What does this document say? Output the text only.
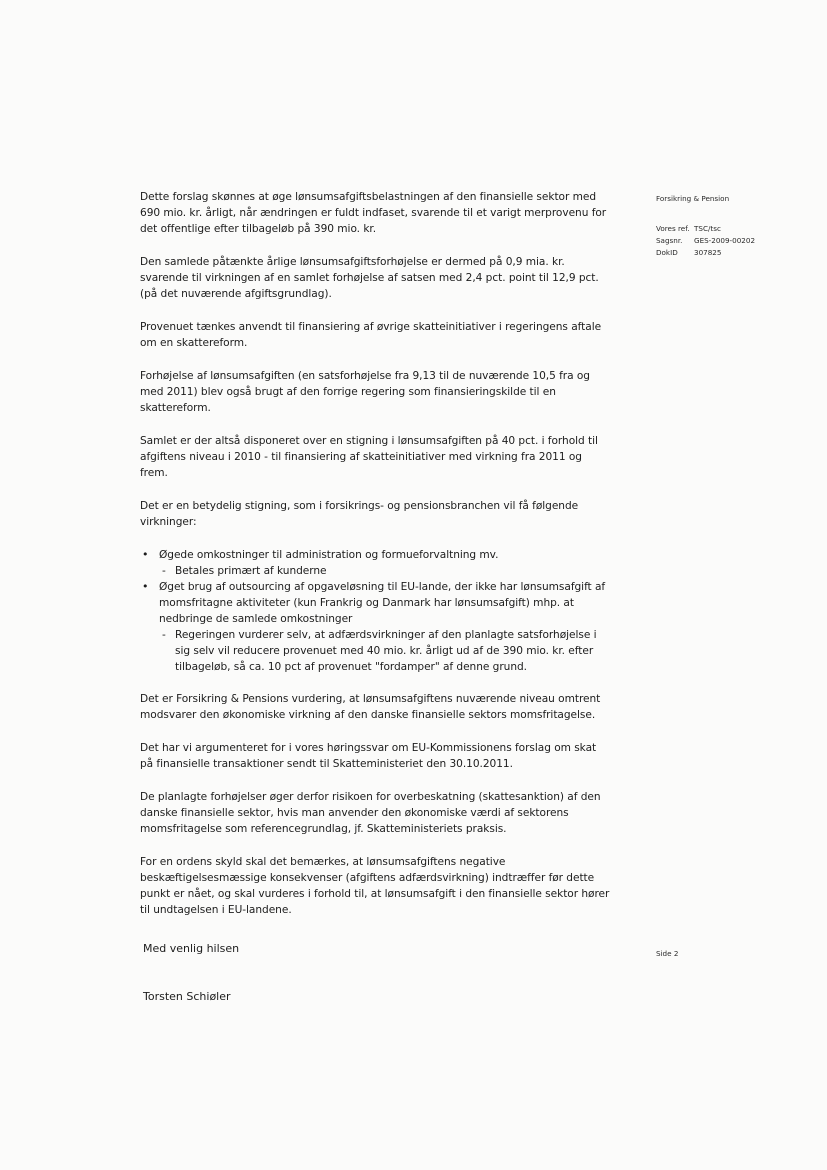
Dette forslag skønnes at øge lønsumsafgiftsbelastningen af den finansielle sektor med 690 mio. kr. årligt, når ændringen er fuldt indfaset, svarende til et varigt merprovenu for det offentlige efter tilbageløb på 390 mio. kr.

Den samlede påtænkte årlige lønsumsafgiftsforhøjelse er dermed på 0,9 mia. kr. svarende til virkningen af en samlet forhøjelse af satsen med 2,4 pct. point til 12,9 pct. (på det nuværende afgiftsgrundlag).

Provenuet tænkes anvendt til finansiering af øvrige skatteinitiativer i regeringens aftale om en skattereform.

Forhøjelse af lønsumsafgiften (en satsforhøjelse fra 9,13 til de nuværende 10,5 fra og med 2011) blev også brugt af den forrige regering som finansieringskilde til en skattereform.

Samlet er der altså disponeret over en stigning i lønsumsafgiften på 40 pct. i forhold til afgiftens niveau i 2010 - til finansiering af skatteinitiativer med virkning fra 2011 og frem.

Det er en betydelig stigning, som i forsikrings- og pensionsbranchen vil få følgende virkninger:

• Øgede omkostninger til administration og formueforvaltning mv.
- Betales primært af kunderne
• Øget brug af outsourcing af opgaveløsning til EU-lande, der ikke har lønsumsafgift af momsfritagne aktiviteter (kun Frankrig og Danmark har lønsumsafgift) mhp. at nedbringe de samlede omkostninger
- Regeringen vurderer selv, at adfærdsvirkninger af den planlagte satsforhøjelse i sig selv vil reducere provenuet med 40 mio. kr. årligt ud af de 390 mio. kr. efter tilbageløb, så ca. 10 pct af provenuet "fordamper" af denne grund.

Det er Forsikring & Pensions vurdering, at lønsumsafgiftens nuværende niveau omtrent modsvarer den økonomiske virkning af den danske finansielle sektors momsfritagelse.

Det har vi argumenteret for i vores høringssvar om EU-Kommissionens forslag om skat på finansielle transaktioner sendt til Skatteministeriet den 30.10.2011.

De planlagte forhøjelser øger derfor risikoen for overbeskatning (skattesanktion) af den danske finansielle sektor, hvis man anvender den økonomiske værdi af sektorens momsfritagelse som referencegrundlag, jf. Skatteministeriets praksis.

For en ordens skyld skal det bemærkes, at lønsumsafgiftens negative beskæftigelsesmæssige konsekvenser (afgiftens adfærdsvirkning) indtræffer før dette punkt er nået, og skal vurderes i forhold til, at lønsumsafgift i den finansielle sektor hører til undtagelsen i EU-landene.

Forsikring & Pension
Vores ref.	TSC/tsc
Sagsnr.	GES-2009-00202
DokID	307825
Side 2
Med venlig hilsen
Torsten Schiøler
